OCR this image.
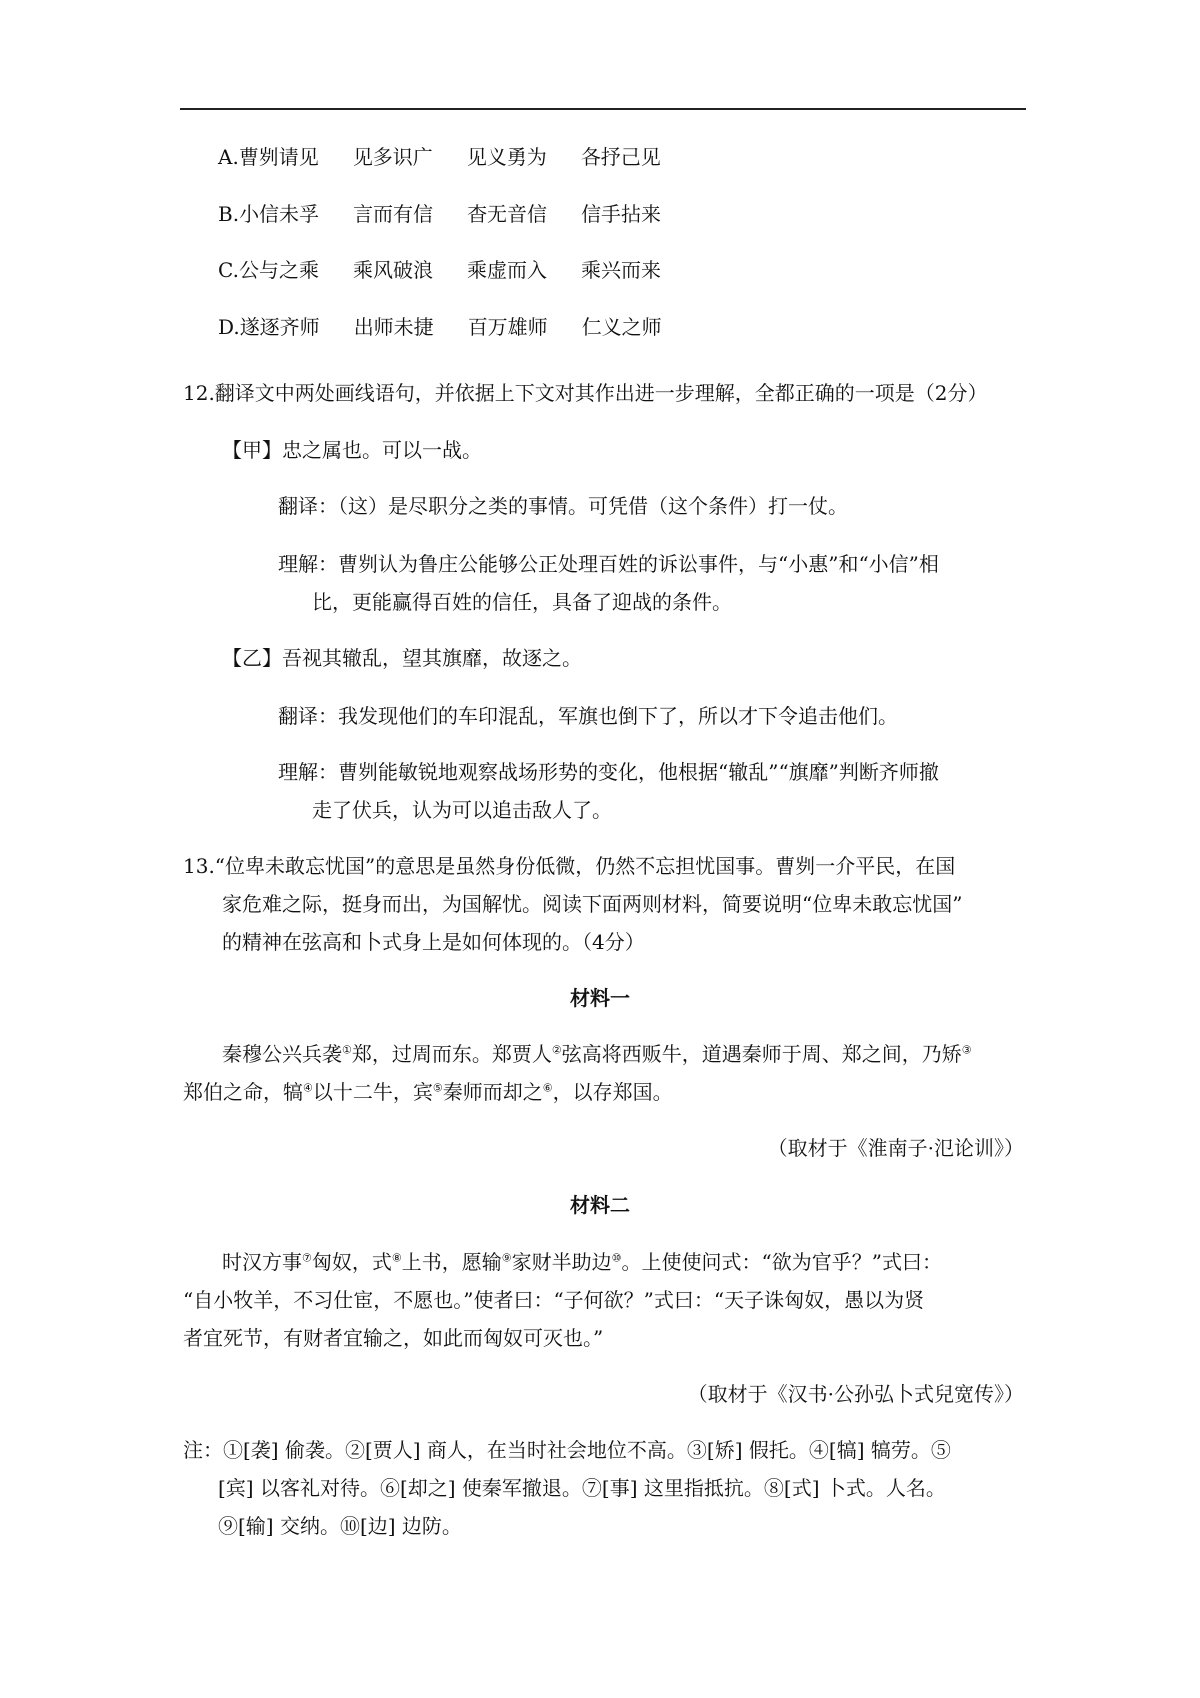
A.曹刿请见 见多识广 见义勇为 各抒己见
B.小信未孚 言而有信 杳无音信 信手拈来
C.公与之乘 乘风破浪 乘虚而入 乘兴而来
D.遂逐齐师 出师未捷 百万雄师 仁义之师
12.翻译文中两处画线语句，并依据上下文对其作出进一步理解，全都正确的一项是（2分）
【甲】忠之属也。可以一战。
翻译：（这）是尽职分之类的事情。可凭借（这个条件）打一仗。
理解：曹刿认为鲁庄公能够公正处理百姓的诉讼事件，与“小惠”和“小信”相
比，更能赢得百姓的信任，具备了迎战的条件。
【乙】吾视其辙乱，望其旗靡，故逐之。
翻译：我发现他们的车印混乱，军旗也倒下了，所以才下令追击他们。
理解：曹刿能敏锐地观察战场形势的变化，他根据“辙乱”“旗靡”判断齐师撤
走了伏兵，认为可以追击敌人了。
13.“位卑未敢忘忧国”的意思是虽然身份低微，仍然不忘担忧国事。曹刿一介平民，在国
家危难之际，挺身而出，为国解忧。阅读下面两则材料，简要说明“位卑未敢忘忧国”
的精神在弦高和卜式身上是如何体现的。（4分）
材料一
秦穆公兴兵袭①郑，过周而东。郑贾人②弦高将西贩牛，道遇秦师于周、郑之间，乃矫③
郑伯之命，犒④以十二牛，宾⑤秦师而却之⑥，以存郑国。
（取材于《淮南子·氾论训》）
材料二
时汉方事⑦匈奴，式⑧上书，愿输⑨家财半助边⑩。上使使问式：“欲为官乎？”式曰：
“自小牧羊，不习仕宦，不愿也。”使者曰：“子何欲？”式曰：“天子诛匈奴，愚以为贤
者宜死节，有财者宜输之，如此而匈奴可灭也。”
（取材于《汉书·公孙弘卜式兒宽传》）
注：①[袭] 偷袭。②[贾人] 商人，在当时社会地位不高。③[矫] 假托。④[犒] 犒劳。⑤
[宾] 以客礼对待。⑥[却之] 使秦军撤退。⑦[事] 这里指抵抗。⑧[式] 卜式。人名。
⑨[输] 交纳。⑩[边] 边防。
